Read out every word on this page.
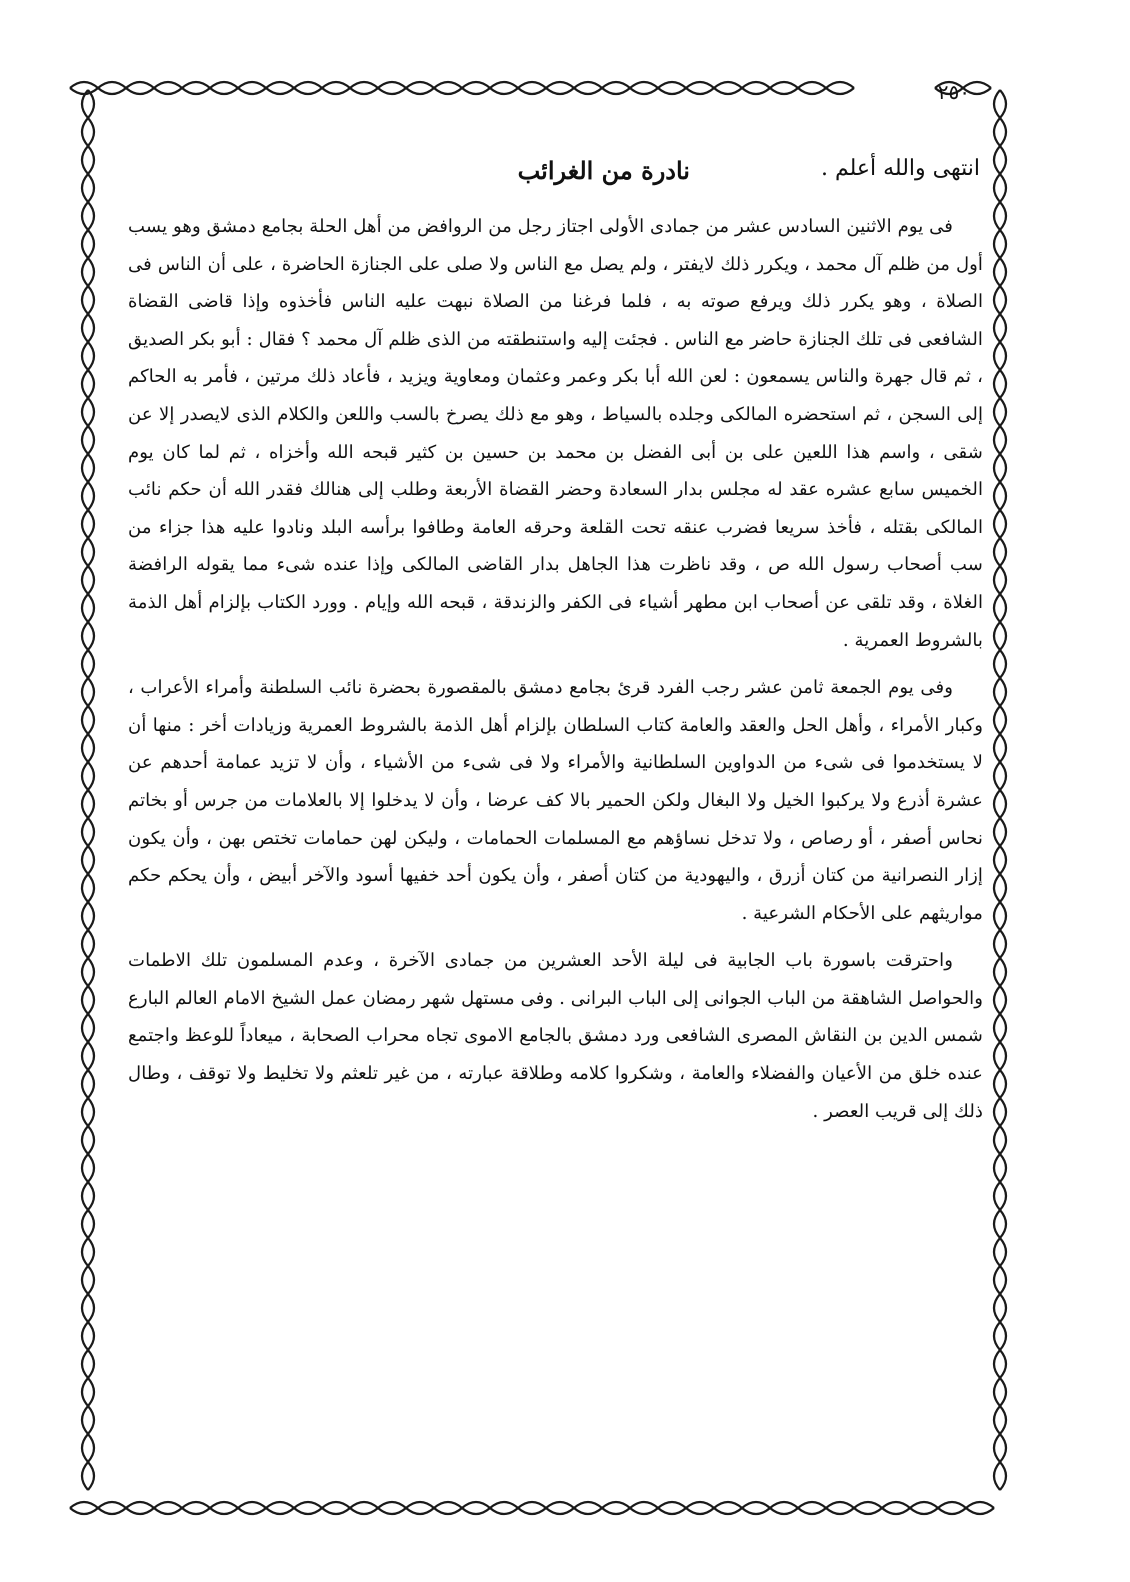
٢٥٠
انتهى والله أعلم .
نادرة من الغرائب

فى يوم الاثنين السادس عشر من جمادى الأولى اجتاز رجل من الروافض من أهل الحلة بجامع دمشق وهو يسب أول من ظلم آل محمد ، ويكرر ذلك لايفتر ، ولم يصل مع الناس ولا صلى على الجنازة الحاضرة ، على أن الناس فى الصلاة ، وهو يكرر ذلك ويرفع صوته به ، فلما فرغنا من الصلاة نبهت عليه الناس فأخذوه وإذا قاضى القضاة الشافعى فى تلك الجنازة حاضر مع الناس . فجئت إليه واستنطقته من الذى ظلم آل محمد ؟ فقال : أبو بكر الصديق ، ثم قال جهرة والناس يسمعون : لعن الله أبا بكر وعمر وعثمان ومعاوية ويزيد ، فأعاد ذلك مرتين ، فأمر به الحاكم إلى السجن ، ثم استحضره المالكى وجلده بالسياط ، وهو مع ذلك يصرخ بالسب واللعن والكلام الذى لايصدر إلا عن شقى ، واسم هذا اللعين على بن أبى الفضل بن محمد بن حسين بن كثير قبحه الله وأخزاه ، ثم لما كان يوم الخميس سابع عشره عقد له مجلس بدار السعادة وحضر القضاة الأربعة وطلب إلى هنالك فقدر الله أن حكم نائب المالكى بقتله ، فأخذ سريعا فضرب عنقه تحت القلعة وحرقه العامة وطافوا برأسه البلد ونادوا عليه هذا جزاء من سب أصحاب رسول الله ص ، وقد ناظرت هذا الجاهل بدار القاضى المالكى وإذا عنده شىء مما يقوله الرافضة الغلاة ، وقد تلقى عن أصحاب ابن مطهر أشياء فى الكفر والزندقة ، قبحه الله وإيام . وورد الكتاب بإلزام أهل الذمة بالشروط العمرية .

وفى يوم الجمعة ثامن عشر رجب الفرد قرئ بجامع دمشق بالمقصورة بحضرة نائب السلطنة وأمراء الأعراب ، وكبار الأمراء ، وأهل الحل والعقد والعامة كتاب السلطان بإلزام أهل الذمة بالشروط العمرية وزيادات أخر : منها أن لا يستخدموا فى شىء من الدواوين السلطانية والأمراء ولا فى شىء من الأشياء ، وأن لا تزيد عمامة أحدهم عن عشرة أذرع ولا يركبوا الخيل ولا البغال ولكن الحمير بالا كف عرضا ، وأن لا يدخلوا إلا بالعلامات من جرس أو بخاتم نحاس أصفر ، أو رصاص ، ولا تدخل نساؤهم مع المسلمات الحمامات ، وليكن لهن حمامات تختص بهن ، وأن يكون إزار النصرانية من كتان أزرق ، واليهودية من كتان أصفر ، وأن يكون أحد خفيها أسود والآخر أبيض ، وأن يحكم حكم مواريثهم على الأحكام الشرعية .

واحترقت باسورة باب الجابية فى ليلة الأحد العشرين من جمادى الآخرة ، وعدم المسلمون تلك الاطمات والحواصل الشاهقة من الباب الجوانى إلى الباب البرانى . وفى مستهل شهر رمضان عمل الشيخ الامام العالم البارع شمس الدين بن النقاش المصرى الشافعى ورد دمشق بالجامع الاموى تجاه محراب الصحابة ، ميعاداً للوعظ واجتمع عنده خلق من الأعيان والفضلاء والعامة ، وشكروا كلامه وطلاقة عبارته ، من غير تلعثم ولا تخليط ولا توقف ، وطال ذلك إلى قريب العصر .
